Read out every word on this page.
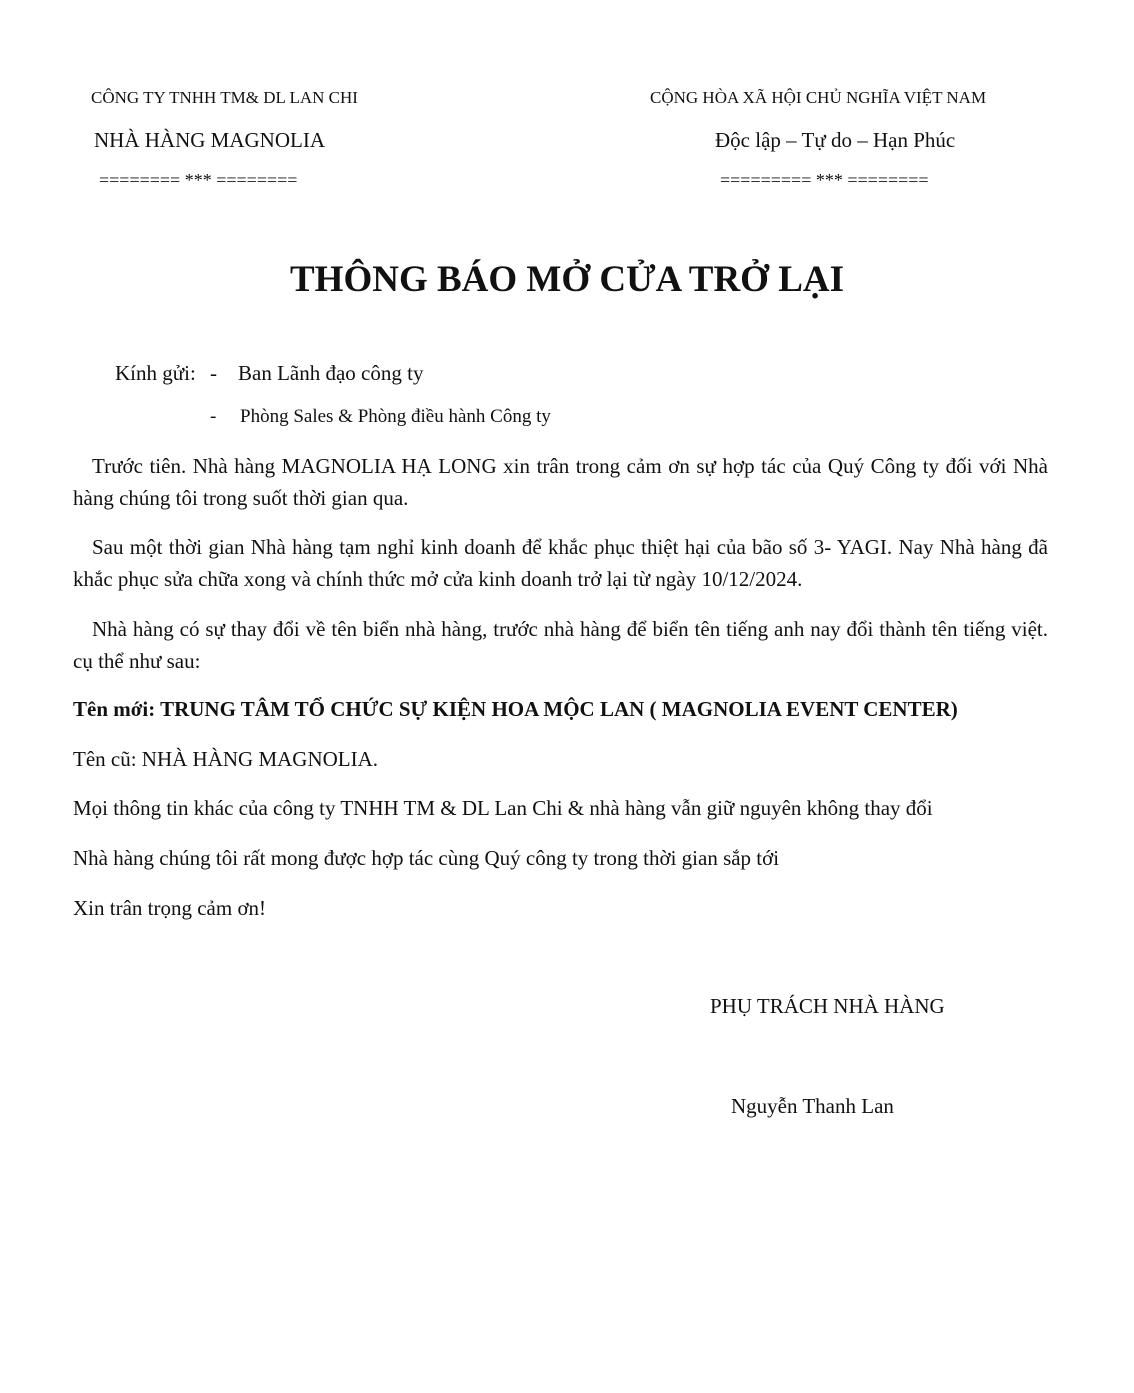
CÔNG TY TNHH TM& DL LAN CHI
NHÀ HÀNG MAGNOLIA
======== *** ========
CỘNG HÒA XÃ HỘI CHỦ NGHĨA VIỆT NAM
Độc lập – Tự do – Hạn Phúc
========= *** ========
THÔNG BÁO MỞ CỬA TRỞ LẠI
Kính gửi: - Ban Lãnh đạo công ty
- Phòng Sales & Phòng điều hành Công ty
Trước tiên. Nhà hàng MAGNOLIA HẠ LONG xin trân trong cảm ơn sự hợp tác của Quý Công ty đối với Nhà hàng chúng tôi trong suốt thời gian qua.
Sau một thời gian Nhà hàng tạm nghỉ kinh doanh để khắc phục thiệt hại của bão số 3- YAGI. Nay Nhà hàng đã khắc phục sửa chữa xong và chính thức mở cửa kinh doanh trở lại từ ngày 10/12/2024.
Nhà hàng có sự thay đổi về tên biển nhà hàng, trước nhà hàng để biển tên tiếng anh nay đổi thành tên tiếng việt. cụ thể như sau:
Tên mới: TRUNG TÂM TỔ CHỨC SỰ KIỆN HOA MỘC LAN ( MAGNOLIA EVENT CENTER)
Tên cũ: NHÀ HÀNG MAGNOLIA.
Mọi thông tin khác của công ty TNHH TM & DL Lan Chi & nhà hàng vẫn giữ nguyên không thay đổi
Nhà hàng chúng tôi rất mong được hợp tác cùng Quý công ty trong thời gian sắp tới
Xin trân trọng cảm ơn!
PHỤ TRÁCH NHÀ HÀNG
Nguyễn Thanh Lan
